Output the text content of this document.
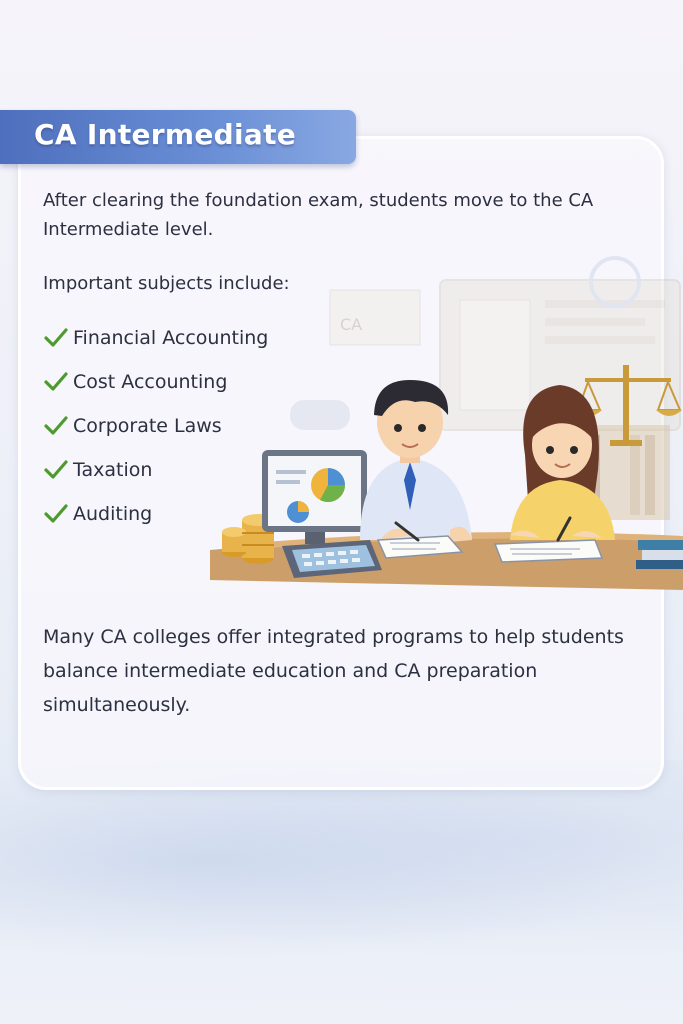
CA Intermediate
After clearing the foundation exam, students move to the CA Intermediate level.
Important subjects include:
Financial Accounting
Cost Accounting
Corporate Laws
Taxation
Auditing
CA
Many CA colleges offer integrated programs to help students balance intermediate education and CA preparation simultaneously.
